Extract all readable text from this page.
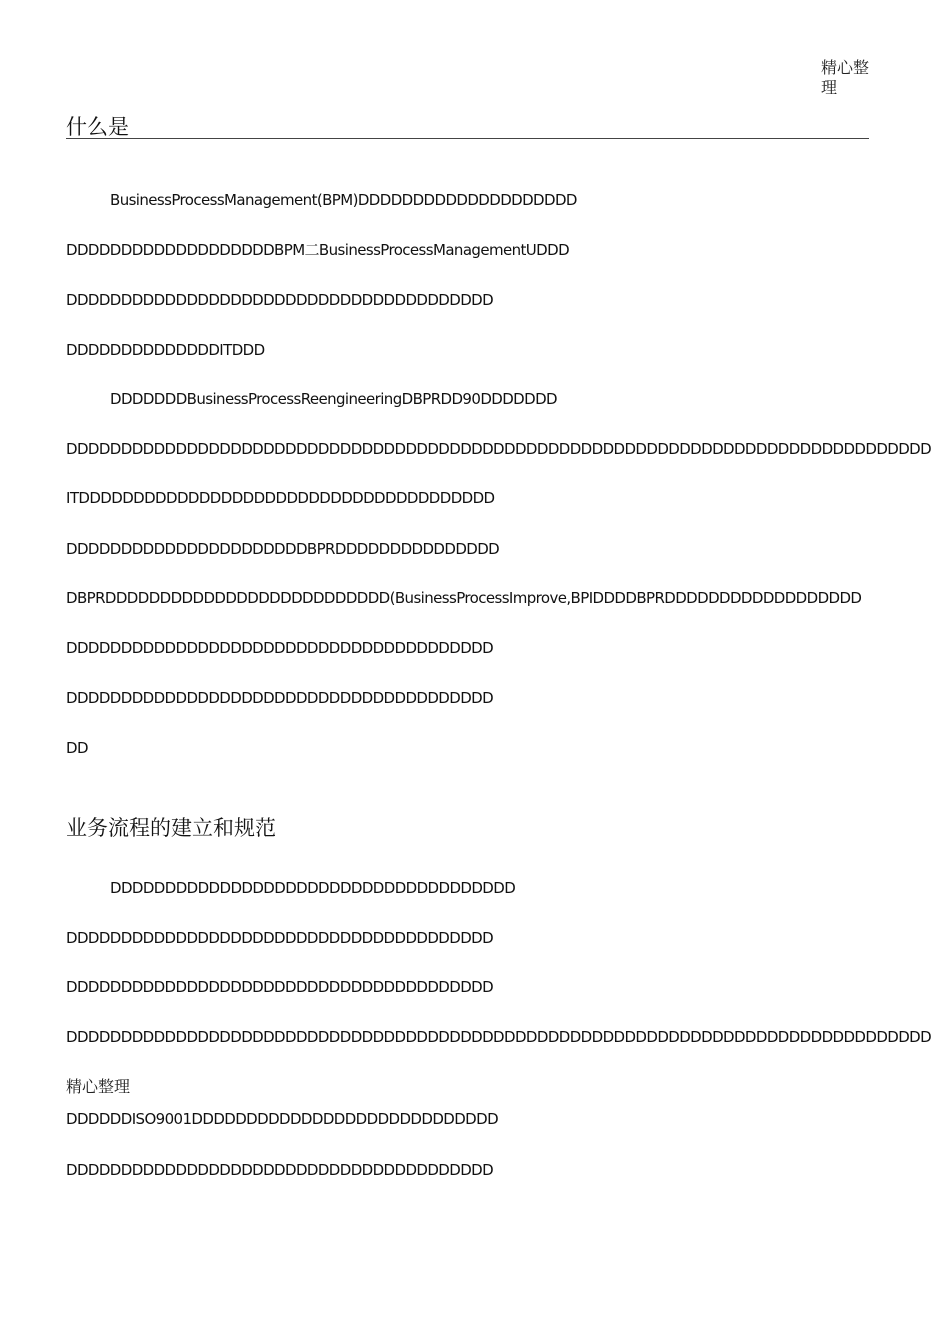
精心整理
什么是
BusinessProcessManagement(BPM)DDDDDDDDDDDDDDDDDDDD
DDDDDDDDDDDDDDDDDDDBPM二BusinessProcessManagementUDDD
DDDDDDDDDDDDDDDDDDDDDDDDDDDDDDDDDDDDDDD
DDDDDDDDDDDDDDITDDD
DDDDDDDBusinessProcessReengineeringDBPRDD90DDDDDDD
DDDDDDDDDDDDDDDDDDDDDDDDDDDDDDDDDDDDDDDDDDDDDDDDDDDDDDDDDDDDDDDDDDDDDDDDDDDDDDD
ITDDDDDDDDDDDDDDDDDDDDDDDDDDDDDDDDDDDDDD
DDDDDDDDDDDDDDDDDDDDDDBPRDDDDDDDDDDDDDDD
DBPRDDDDDDDDDDDDDDDDDDDDDDDDDD(BusinessProcessImprove,BPIDDDDBPRDDDDDDDDDDDDDDDDDD
DDDDDDDDDDDDDDDDDDDDDDDDDDDDDDDDDDDDDDD
DDDDDDDDDDDDDDDDDDDDDDDDDDDDDDDDDDDDDDD
DD
业务流程的建立和规范
DDDDDDDDDDDDDDDDDDDDDDDDDDDDDDDDDDDDD
DDDDDDDDDDDDDDDDDDDDDDDDDDDDDDDDDDDDDDD
DDDDDDDDDDDDDDDDDDDDDDDDDDDDDDDDDDDDDDD
DDDDDDDDDDDDDDDDDDDDDDDDDDDDDDDDDDDDDDDDDDDDDDDDDDDDDDDDDDDDDDDDDDDDDDDDDDDDDDD
精心整理
DDDDDDISO9001DDDDDDDDDDDDDDDDDDDDDDDDDDDD
DDDDDDDDDDDDDDDDDDDDDDDDDDDDDDDDDDDDDDD
